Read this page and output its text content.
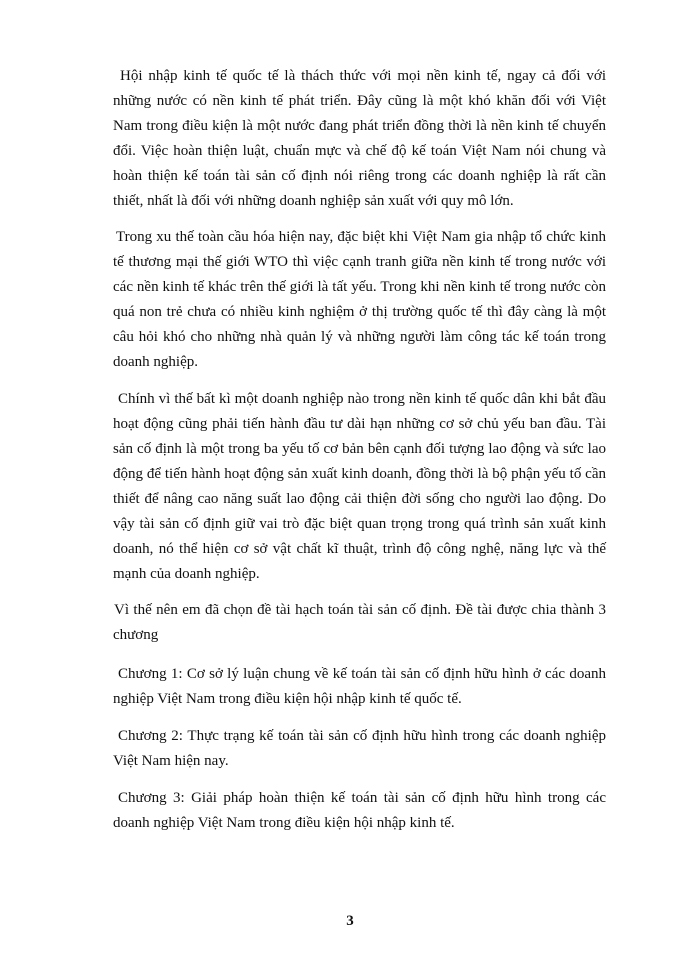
Hội nhập kinh tế quốc tế là thách thức với mọi nền kinh tế, ngay cả đối với những nước có nền kinh tế phát triển. Đây cũng là một khó khăn đối với Việt Nam trong điều kiện là một nước đang phát triển đồng thời là nền kinh tế chuyển đổi. Việc hoàn thiện luật, chuẩn mực và chế độ kế toán Việt Nam nói chung và hoàn thiện kế toán tài sản cố định nói riêng trong các doanh nghiệp là rất cần thiết, nhất là đối với những doanh nghiệp sản xuất với quy mô lớn.

Trong xu thế toàn cầu hóa hiện nay, đặc biệt khi Việt Nam gia nhập tổ chức kinh tế thương mại thế giới WTO thì việc cạnh tranh giữa nền kinh tế trong nước với các nền kinh tế khác trên thế giới là tất yếu. Trong khi nền kinh tế trong nước còn quá non trẻ chưa có nhiều kinh nghiệm ở thị trường quốc tế thì đây càng là một câu hỏi khó cho những nhà quản lý và những người làm công tác kế toán trong doanh nghiệp.

Chính vì thế bất kì một doanh nghiệp nào trong nền kinh tế quốc dân khi bắt đầu hoạt động cũng phải tiến hành đầu tư dài hạn những cơ sở chủ yếu ban đầu. Tài sản cố định là một trong ba yếu tố cơ bản bên cạnh đối tượng lao động và sức lao động để tiến hành hoạt động sản xuất kinh doanh, đồng thời là bộ phận yếu tố cần thiết để nâng cao năng suất lao động cải thiện đời sống cho người lao động. Do vậy tài sản cố định giữ vai trò đặc biệt quan trọng trong quá trình sản xuất kinh doanh, nó thể hiện cơ sở vật chất kĩ thuật, trình độ công nghệ, năng lực và thế mạnh của doanh nghiệp.

Vì thế nên em đã chọn đề tài hạch toán tài sản cố định. Đề tài được chia thành 3 chương

Chương 1: Cơ sở lý luận chung về kế toán tài sản cố định hữu hình ở các doanh nghiệp Việt Nam trong điều kiện hội nhập kinh tế quốc tế.

Chương 2: Thực trạng kế toán tài sản cố định hữu hình trong các doanh nghiệp Việt Nam hiện nay.

Chương 3: Giải pháp hoàn thiện kế toán tài sản cố định hữu hình trong các doanh nghiệp Việt Nam trong điều kiện hội nhập kinh tế.

3
